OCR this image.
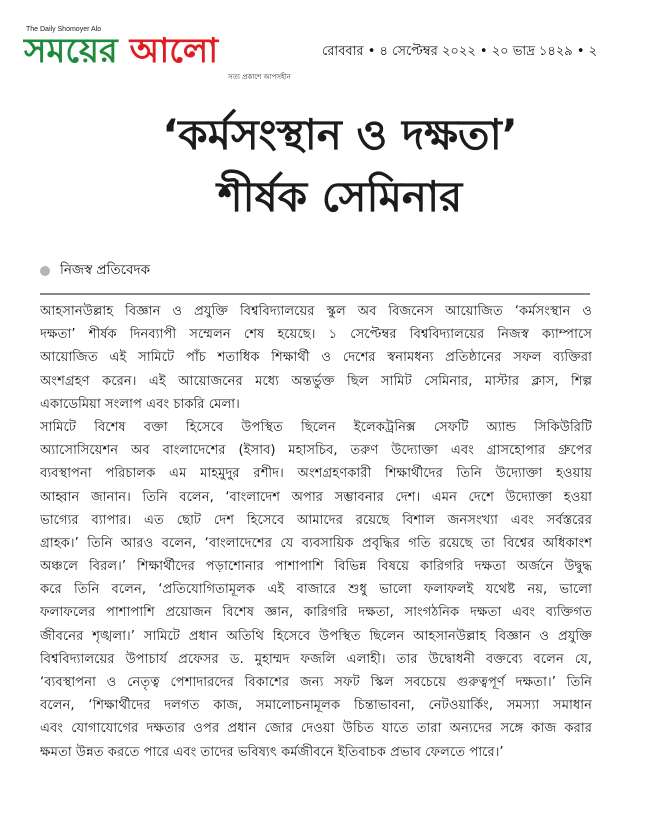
The Daily Shomoyer Alo
সময়ের আলো
সত্য প্রকাশে আপসহীন
রোববার • ৪ সেপ্টেম্বর ২০২২ • ২০ ভাদ্র ১৪২৯ • ২
‘কর্মসংস্থান ও দক্ষতা’
শীর্ষক সেমিনার
নিজস্ব প্রতিবেদক
আহসানউল্লাহ বিজ্ঞান ও প্রযুক্তি বিশ্ববিদ্যালয়ের স্কুল অব বিজনেস আয়োজিত ‘কর্মসংস্থান ও
দক্ষতা’ শীর্ষক দিনব্যাপী সম্মেলন শেষ হয়েছে। ১ সেপ্টেম্বর বিশ্ববিদ্যালয়ের নিজস্ব ক্যাম্পাসে
আয়োজিত এই সামিটে পাঁচ শতাধিক শিক্ষার্থী ও দেশের স্বনামধন্য প্রতিষ্ঠানের সফল ব্যক্তিরা
অংশগ্রহণ করেন। এই আয়োজনের মধ্যে অন্তর্ভুক্ত ছিল সামিট সেমিনার, মাস্টার ক্লাস, শিল্প
একাডেমিয়া সংলাপ এবং চাকরি মেলা।
সামিটে বিশেষ বক্তা হিসেবে উপস্থিত ছিলেন ইলেকট্রনিক্স সেফটি অ্যান্ড সিকিউরিটি
অ্যাসোসিয়েশন অব বাংলাদেশের (ইসাব) মহাসচিব, তরুণ উদ্যোক্তা এবং গ্রাসহোপার গ্রুপের
ব্যবস্থাপনা পরিচালক এম মাহমুদুর রশীদ। অংশগ্রহণকারী শিক্ষার্থীদের তিনি উদ্যোক্তা হওয়ায়
আহ্বান জানান। তিনি বলেন, ‘বাংলাদেশ অপার সম্ভাবনার দেশ। এমন দেশে উদ্যোক্তা হওয়া
ভাগ্যের ব্যাপার। এত ছোট দেশ হিসেবে আমাদের রয়েছে বিশাল জনসংখ্যা এবং সর্বস্তরের
গ্রাহক।’ তিনি আরও বলেন, ‘বাংলাদেশের যে ব্যবসায়িক প্রবৃদ্ধির গতি রয়েছে তা বিশ্বের অধিকাংশ
অঞ্চলে বিরল।’ শিক্ষার্থীদের পড়াশোনার পাশাপাশি বিভিন্ন বিষয়ে কারিগরি দক্ষতা অর্জনে উদ্বুদ্ধ
করে তিনি বলেন, ‘প্রতিযোগিতামূলক এই বাজারে শুধু ভালো ফলাফলই যথেষ্ট নয়, ভালো
ফলাফলের পাশাপাশি প্রয়োজন বিশেষ জ্ঞান, কারিগরি দক্ষতা, সাংগঠনিক দক্ষতা এবং ব্যক্তিগত
জীবনের শৃঙ্খলা।’ সামিটে প্রধান অতিথি হিসেবে উপস্থিত ছিলেন আহসানউল্লাহ বিজ্ঞান ও প্রযুক্তি
বিশ্ববিদ্যালয়ের উপাচার্য প্রফেসর ড. মুহাম্মদ ফজলি এলাহী। তার উদ্বোধনী বক্তব্যে বলেন যে,
‘ব্যবস্থাপনা ও নেতৃত্ব পেশাদারদের বিকাশের জন্য সফট স্কিল সবচেয়ে গুরুত্বপূর্ণ দক্ষতা।’ তিনি
বলেন, ‘শিক্ষার্থীদের দলগত কাজ, সমালোচনামূলক চিন্তাভাবনা, নেটওয়ার্কিং, সমস্যা সমাধান
এবং যোগাযোগের দক্ষতার ওপর প্রধান জোর দেওয়া উচিত যাতে তারা অন্যদের সঙ্গে কাজ করার
ক্ষমতা উন্নত করতে পারে এবং তাদের ভবিষ্যৎ কর্মজীবনে ইতিবাচক প্রভাব ফেলতে পারে।’
